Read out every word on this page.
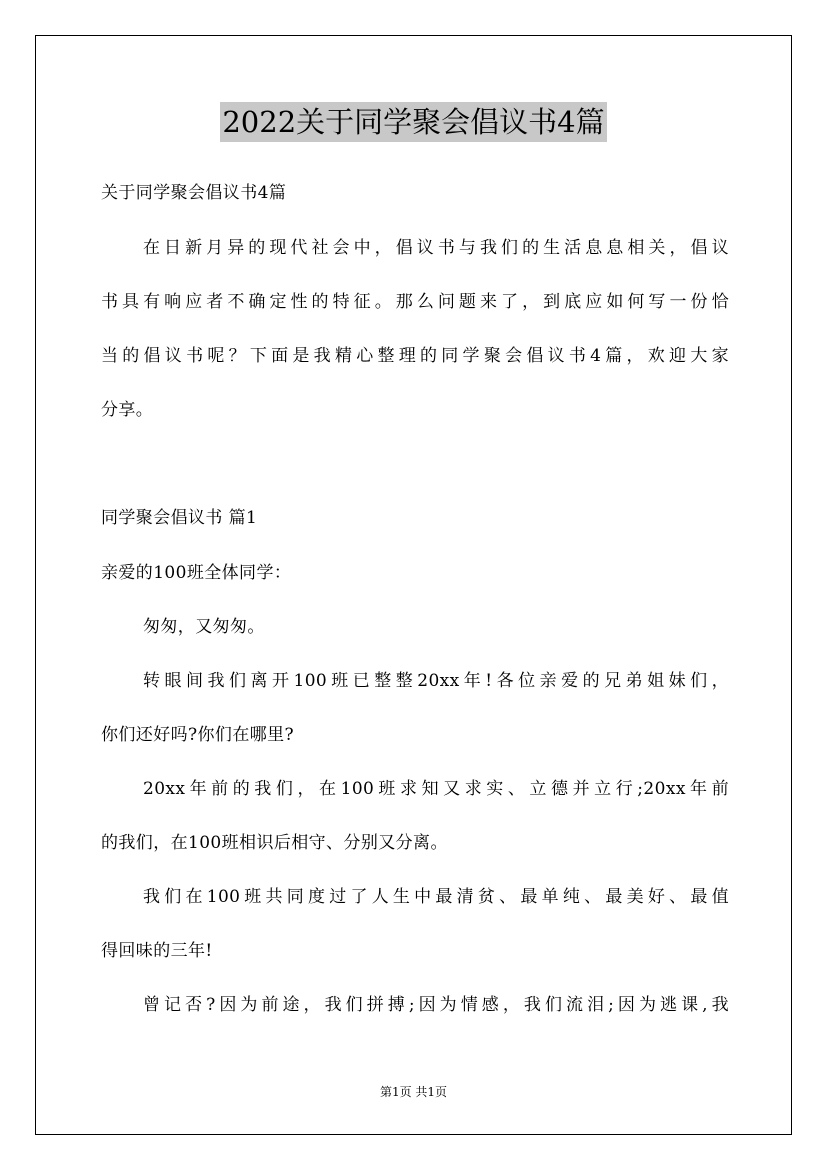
2022关于同学聚会倡议书4篇
关于同学聚会倡议书4篇
在日新月异的现代社会中，倡议书与我们的生活息息相关，倡议
书具有响应者不确定性的特征。那么问题来了，到底应如何写一份恰
当的倡议书呢？下面是我精心整理的同学聚会倡议书4篇，欢迎大家
分享。
同学聚会倡议书 篇1
亲爱的100班全体同学：
匆匆，又匆匆。
转眼间我们离开100班已整整20xx年!各位亲爱的兄弟姐妹们，
你们还好吗?你们在哪里?
20xx年前的我们，在100班求知又求实、立德并立行;20xx年前
的我们，在100班相识后相守、分别又分离。
我们在100班共同度过了人生中最清贫、最单纯、最美好、最值
得回味的三年!
曾记否?因为前途，我们拼搏;因为情感，我们流泪;因为逃课,我
第1页 共1页
